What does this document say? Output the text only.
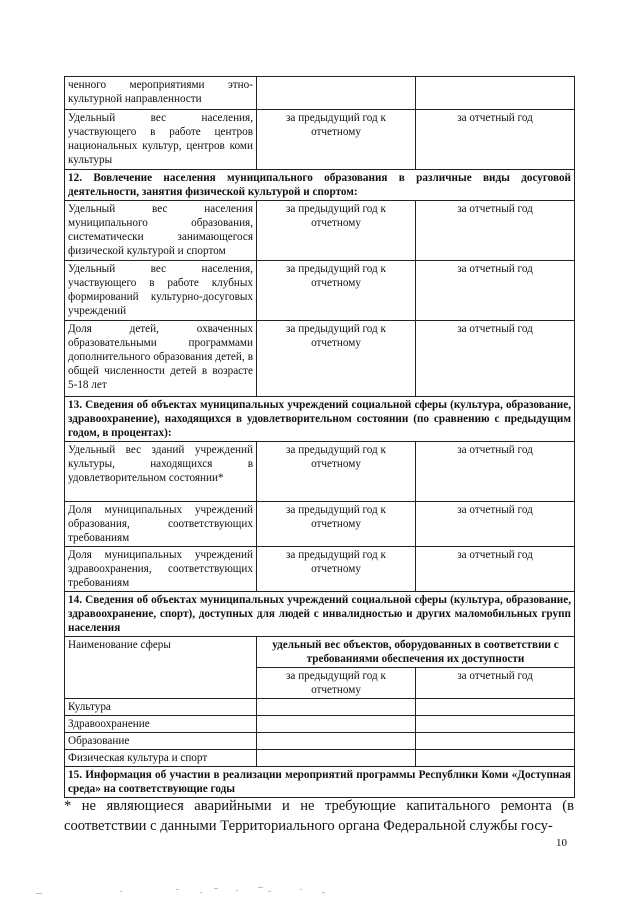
ченного мероприятиями этно-культурной направленности		
Удельный вес населения, участвующего в работе центров национальных культур, центров коми культуры	за предыдущий год к отчетному	за отчетный год
12. Вовлечение населения муниципального образования в различные виды досуговой деятельности, занятия физической культурой и спортом:		
Удельный вес населения муниципального образования, систематически занимающегося физической культурой и спортом	за предыдущий год к отчетному	за отчетный год
Удельный вес населения, участвующего в работе клубных формирований культурно-досуговых учреждений	за предыдущий год к отчетному	за отчетный год
Доля детей, охваченных образовательными программами дополнительного образования детей, в общей численности детей в возрасте 5-18 лет	за предыдущий год к отчетному	за отчетный год
13. Сведения об объектах муниципальных учреждений социальной сферы (культура, образование, здравоохранение), находящихся в удовлетворительном состоянии (по сравнению с предыдущим годом, в процентах):		
Удельный вес зданий учреждений культуры, находящихся в удовлетворительном состоянии*	за предыдущий год к отчетному	за отчетный год
Доля муниципальных учреждений образования, соответствующих требованиям	за предыдущий год к отчетному	за отчетный год
Доля муниципальных учреждений здравоохранения, соответствующих требованиям	за предыдущий год к отчетному	за отчетный год
14. Сведения об объектах муниципальных учреждений социальной сферы (культура, образование, здравоохранение, спорт), доступных для людей с инвалидностью и других маломобильных групп населения		
Наименование сферы	удельный вес объектов, оборудованных в соответствии с требованиями обеспечения их доступности	
	за предыдущий год к отчетному	за отчетный год
Культура		
Здравоохранение		
Образование		
Физическая культура и спорт		
15. Информация об участии в реализации мероприятий программы Республики Коми «Доступная среда» на соответствующие годы		
* не являющиеся аварийными и не требующие капитального ремонта (в соответствии с данными Территориального органа Федеральной службы госу-
10
